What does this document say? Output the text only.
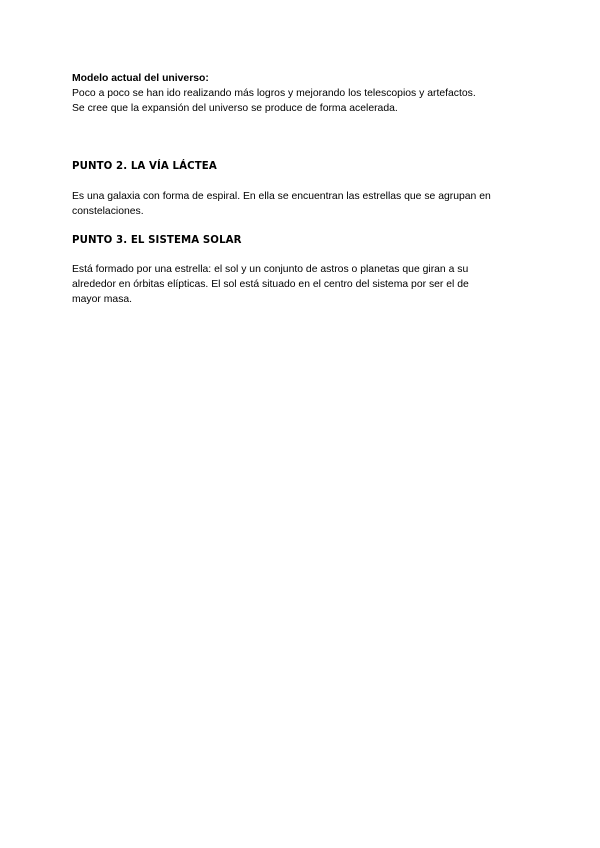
Modelo actual del universo:
Poco a poco se han ido realizando más logros y mejorando los telescopios y artefactos.
Se cree que la expansión del universo se produce de forma acelerada.
PUNTO 2. LA VÍA LÁCTEA
Es una galaxia con forma de espiral. En ella se encuentran las estrellas que se agrupan en
constelaciones.
PUNTO 3. EL SISTEMA SOLAR
Está formado por una estrella: el sol y un conjunto de astros o planetas que giran a su
alrededor en órbitas elípticas. El sol está situado en el centro del sistema por ser el de
mayor masa.
